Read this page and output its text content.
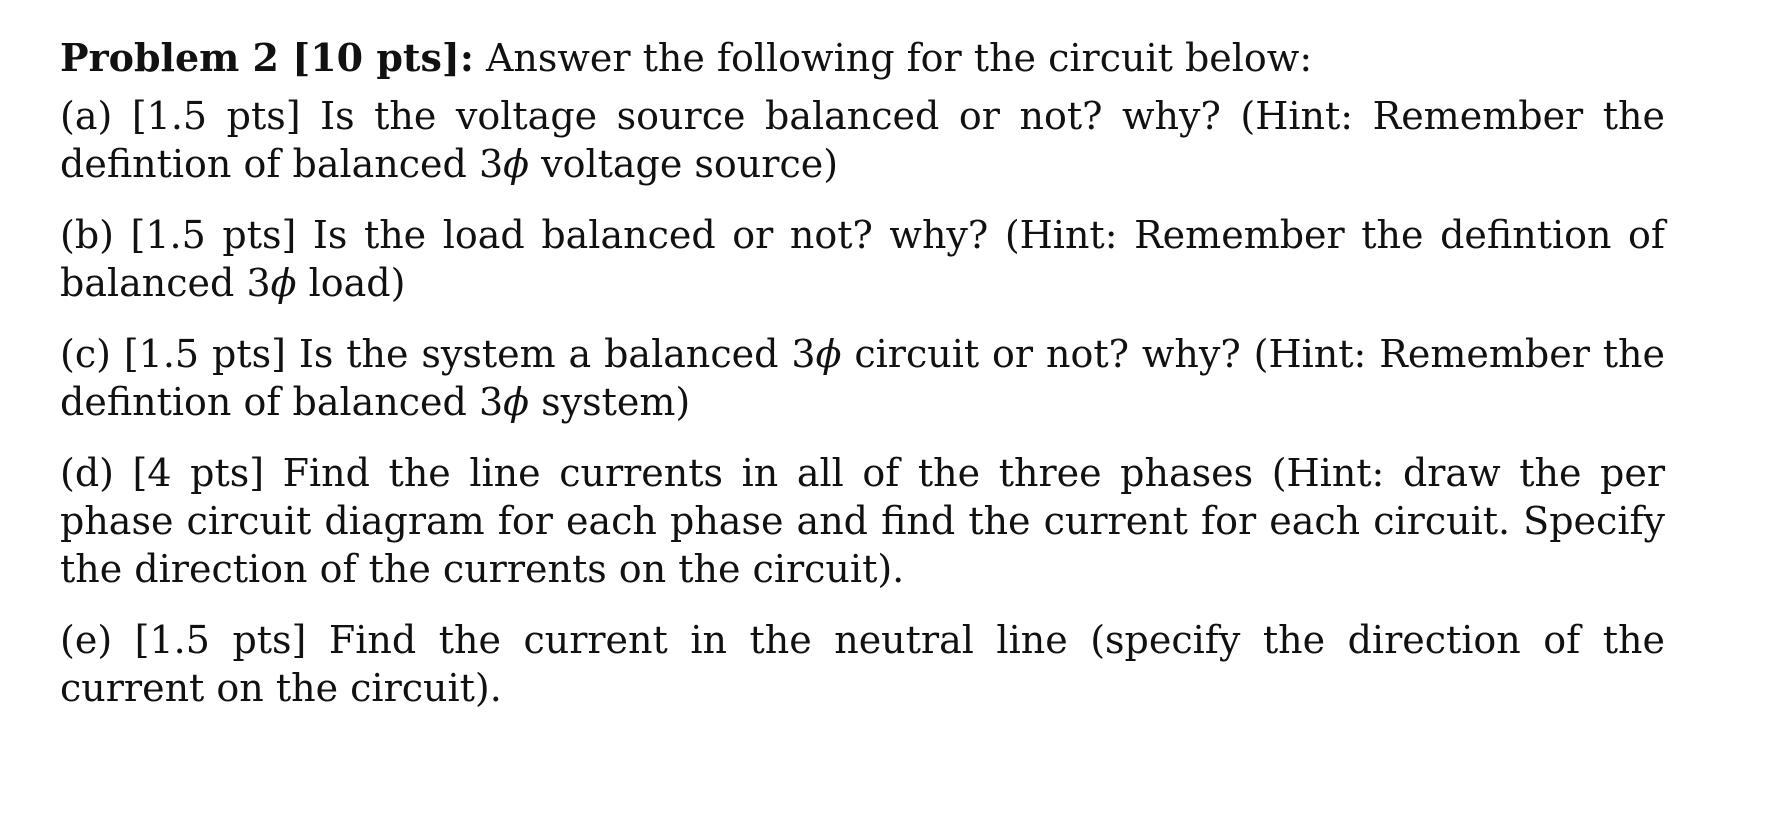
Problem 2 [10 pts]: Answer the following for the circuit below:

(a) [1.5 pts] Is the voltage source balanced or not? why? (Hint: Remember the defintion of balanced 3ϕ voltage source)

(b) [1.5 pts] Is the load balanced or not? why? (Hint: Remember the defintion of balanced 3ϕ load)

(c) [1.5 pts] Is the system a balanced 3ϕ circuit or not? why? (Hint: Remember the defintion of balanced 3ϕ system)

(d) [4 pts] Find the line currents in all of the three phases (Hint: draw the per phase circuit diagram for each phase and find the current for each circuit. Specify the direction of the currents on the circuit).

(e) [1.5 pts] Find the current in the neutral line (specify the direction of the current on the circuit).
